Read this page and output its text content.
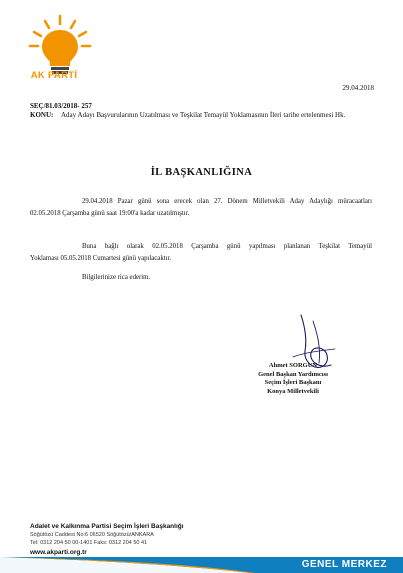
AK PARTİ
29.04.2018
SEÇ/81.03/2018- 257
KONU: Aday Adayı Başvurularının Uzatılması ve Teşkilat Temayül Yoklamasının İleri tarihe ertelenmesi Hk.
İL BAŞKANLIĞINA
29.04.2018 Pazar günü sona erecek olan 27. Dönem Milletvekili Aday Adaylığı müracaatları
02.05.2018 Çarşamba günü saat 19:00'a kadar uzatılmıştır.
Buna bağlı olarak 02.05.2018 Çarşamba günü yapılması planlanan Teşkilat Temayül
Yoklaması 05.05.2018 Cumartesi günü yapılacaktır.
Bilgilerinize rica ederim.
Ahmet SORGUN
Genel Başkan Yardımcısı
Seçim İşleri Başkanı
Konya Milletvekili
Adalet ve Kalkınma Partisi Seçim İşleri Başkanlığı
Söğütözü Caddesi No:6 06520 Söğütözü/ANKARA
Tel: 0312 204 50 00-1401 Faks: 0312 204 50 41
www.akparti.org.tr
GENEL MERKEZ
